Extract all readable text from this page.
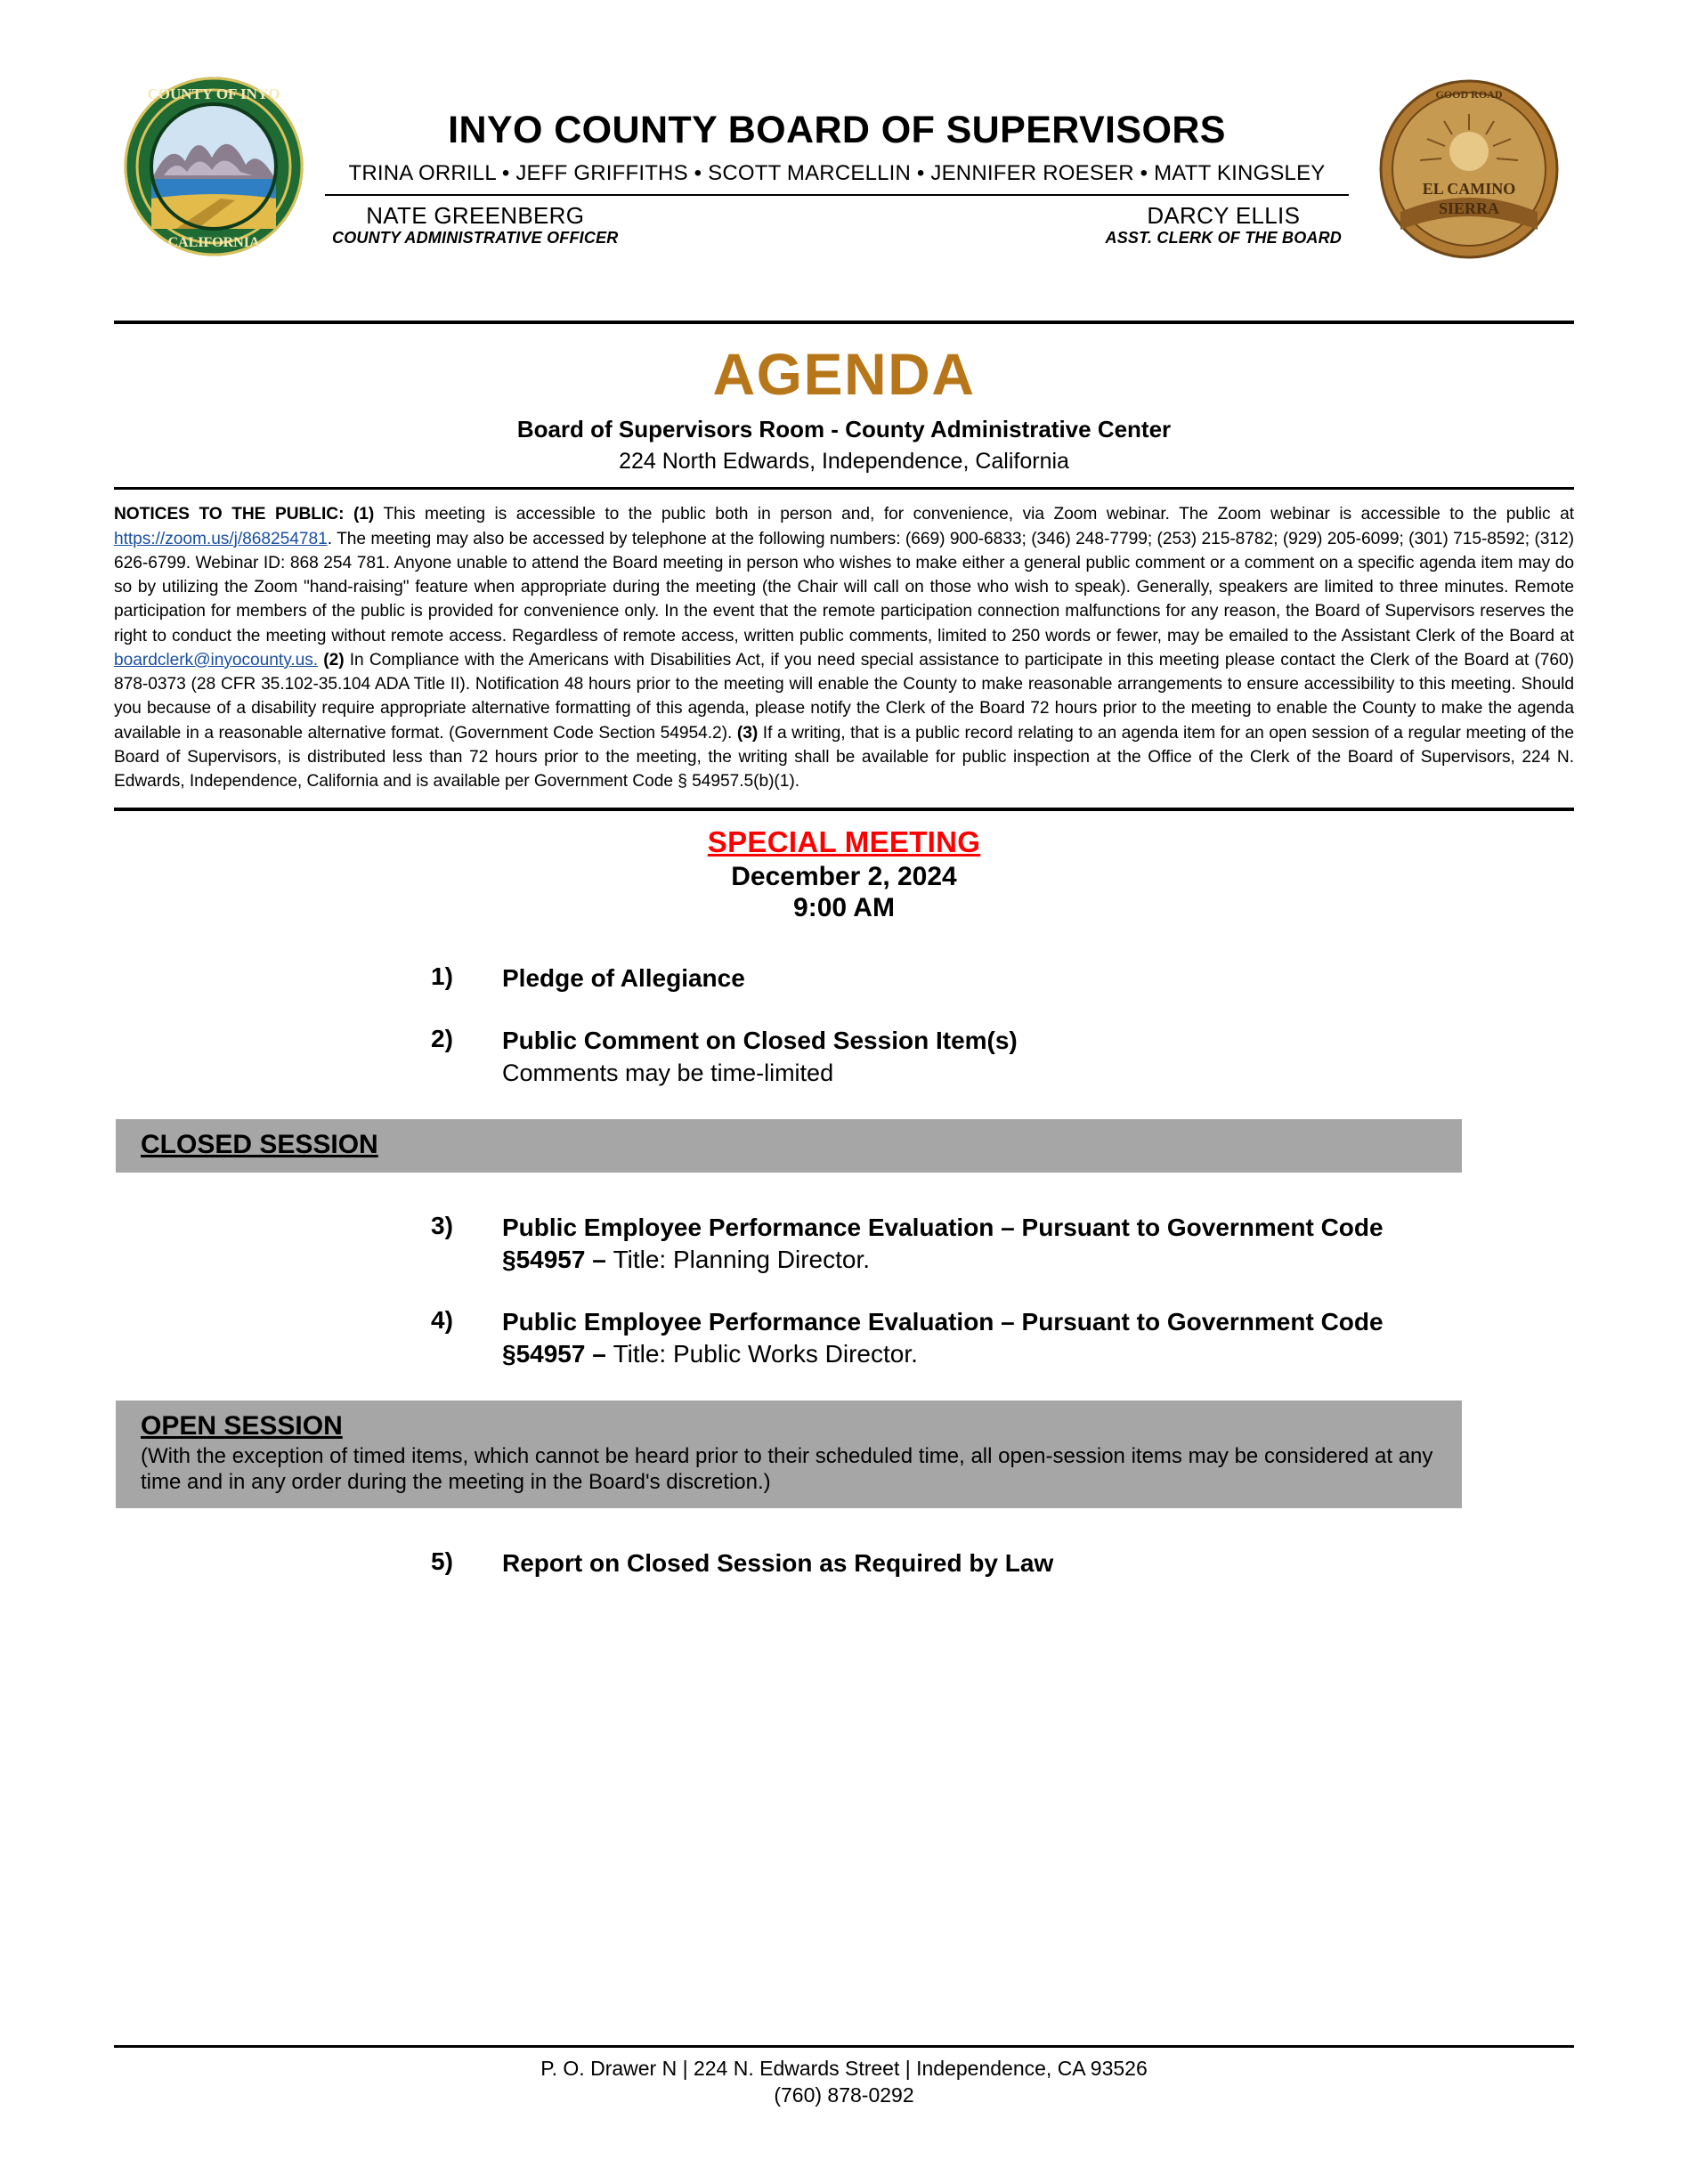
COUNTY OF INYO
CALIFORNIA
INYO COUNTY BOARD OF SUPERVISORS
TRINA ORRILL • JEFF GRIFFITHS • SCOTT MARCELLIN • JENNIFER ROESER • MATT KINGSLEY
NATE GREENBERG
COUNTY ADMINISTRATIVE OFFICER
DARCY ELLIS
ASST. CLERK OF THE BOARD
GOOD ROAD
EL CAMINO
SIERRA
AGENDA
Board of Supervisors Room - County Administrative Center
224 North Edwards, Independence, California
NOTICES TO THE PUBLIC: (1) This meeting is accessible to the public both in person and, for convenience, via Zoom webinar. The Zoom webinar is accessible to the public at https://zoom.us/j/868254781. The meeting may also be accessed by telephone at the following numbers: (669) 900-6833; (346) 248-7799; (253) 215-8782; (929) 205-6099; (301) 715-8592; (312) 626-6799. Webinar ID: 868 254 781. Anyone unable to attend the Board meeting in person who wishes to make either a general public comment or a comment on a specific agenda item may do so by utilizing the Zoom "hand-raising" feature when appropriate during the meeting (the Chair will call on those who wish to speak). Generally, speakers are limited to three minutes. Remote participation for members of the public is provided for convenience only. In the event that the remote participation connection malfunctions for any reason, the Board of Supervisors reserves the right to conduct the meeting without remote access. Regardless of remote access, written public comments, limited to 250 words or fewer, may be emailed to the Assistant Clerk of the Board at boardclerk@inyocounty.us. (2) In Compliance with the Americans with Disabilities Act, if you need special assistance to participate in this meeting please contact the Clerk of the Board at (760) 878-0373 (28 CFR 35.102-35.104 ADA Title II). Notification 48 hours prior to the meeting will enable the County to make reasonable arrangements to ensure accessibility to this meeting. Should you because of a disability require appropriate alternative formatting of this agenda, please notify the Clerk of the Board 72 hours prior to the meeting to enable the County to make the agenda available in a reasonable alternative format. (Government Code Section 54954.2). (3) If a writing, that is a public record relating to an agenda item for an open session of a regular meeting of the Board of Supervisors, is distributed less than 72 hours prior to the meeting, the writing shall be available for public inspection at the Office of the Clerk of the Board of Supervisors, 224 N. Edwards, Independence, California and is available per Government Code § 54957.5(b)(1).
SPECIAL MEETING
December 2, 2024
9:00 AM
1)	Pledge of Allegiance
2)	Public Comment on Closed Session Item(s)
Comments may be time-limited
CLOSED SESSION
3)	Public Employee Performance Evaluation – Pursuant to Government Code §54957 – Title: Planning Director.
4)	Public Employee Performance Evaluation – Pursuant to Government Code §54957 – Title: Public Works Director.
OPEN SESSION
(With the exception of timed items, which cannot be heard prior to their scheduled time, all open-session items may be considered at any time and in any order during the meeting in the Board's discretion.)
5)	Report on Closed Session as Required by Law
P. O. Drawer N | 224 N. Edwards Street | Independence, CA 93526
(760) 878-0292
